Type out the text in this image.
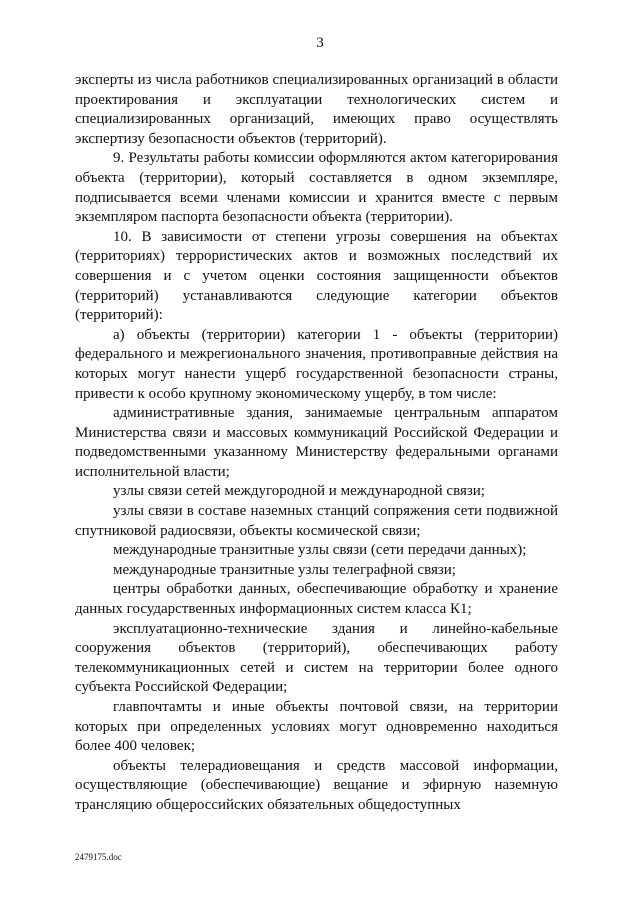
3

эксперты из числа работников специализированных организаций в области проектирования и эксплуатации технологических систем и специализированных организаций, имеющих право осуществлять экспертизу безопасности объектов (территорий).

9. Результаты работы комиссии оформляются актом категорирования объекта (территории), который составляется в одном экземпляре, подписывается всеми членами комиссии и хранится вместе с первым экземпляром паспорта безопасности объекта (территории).

10. В зависимости от степени угрозы совершения на объектах (территориях) террористических актов и возможных последствий их совершения и с учетом оценки состояния защищенности объектов (территорий) устанавливаются следующие категории объектов (территорий):

а) объекты (территории) категории 1 - объекты (территории) федерального и межрегионального значения, противоправные действия на которых могут нанести ущерб государственной безопасности страны, привести к особо крупному экономическому ущербу, в том числе:

административные здания, занимаемые центральным аппаратом Министерства связи и массовых коммуникаций Российской Федерации и подведомственными указанному Министерству федеральными органами исполнительной власти;

узлы связи сетей междугородной и международной связи;

узлы связи в составе наземных станций сопряжения сети подвижной спутниковой радиосвязи, объекты космической связи;

международные транзитные узлы связи (сети передачи данных);

международные транзитные узлы телеграфной связи;

центры обработки данных, обеспечивающие обработку и хранение данных государственных информационных систем класса К1;

эксплуатационно-технические здания и линейно-кабельные сооружения объектов (территорий), обеспечивающих работу телекоммуникационных сетей и систем на территории более одного субъекта Российской Федерации;

главпочтамты и иные объекты почтовой связи, на территории которых при определенных условиях могут одновременно находиться более 400 человек;

объекты телерадиовещания и средств массовой информации, осуществляющие (обеспечивающие) вещание и эфирную наземную трансляцию общероссийских обязательных общедоступных

2479175.doc
